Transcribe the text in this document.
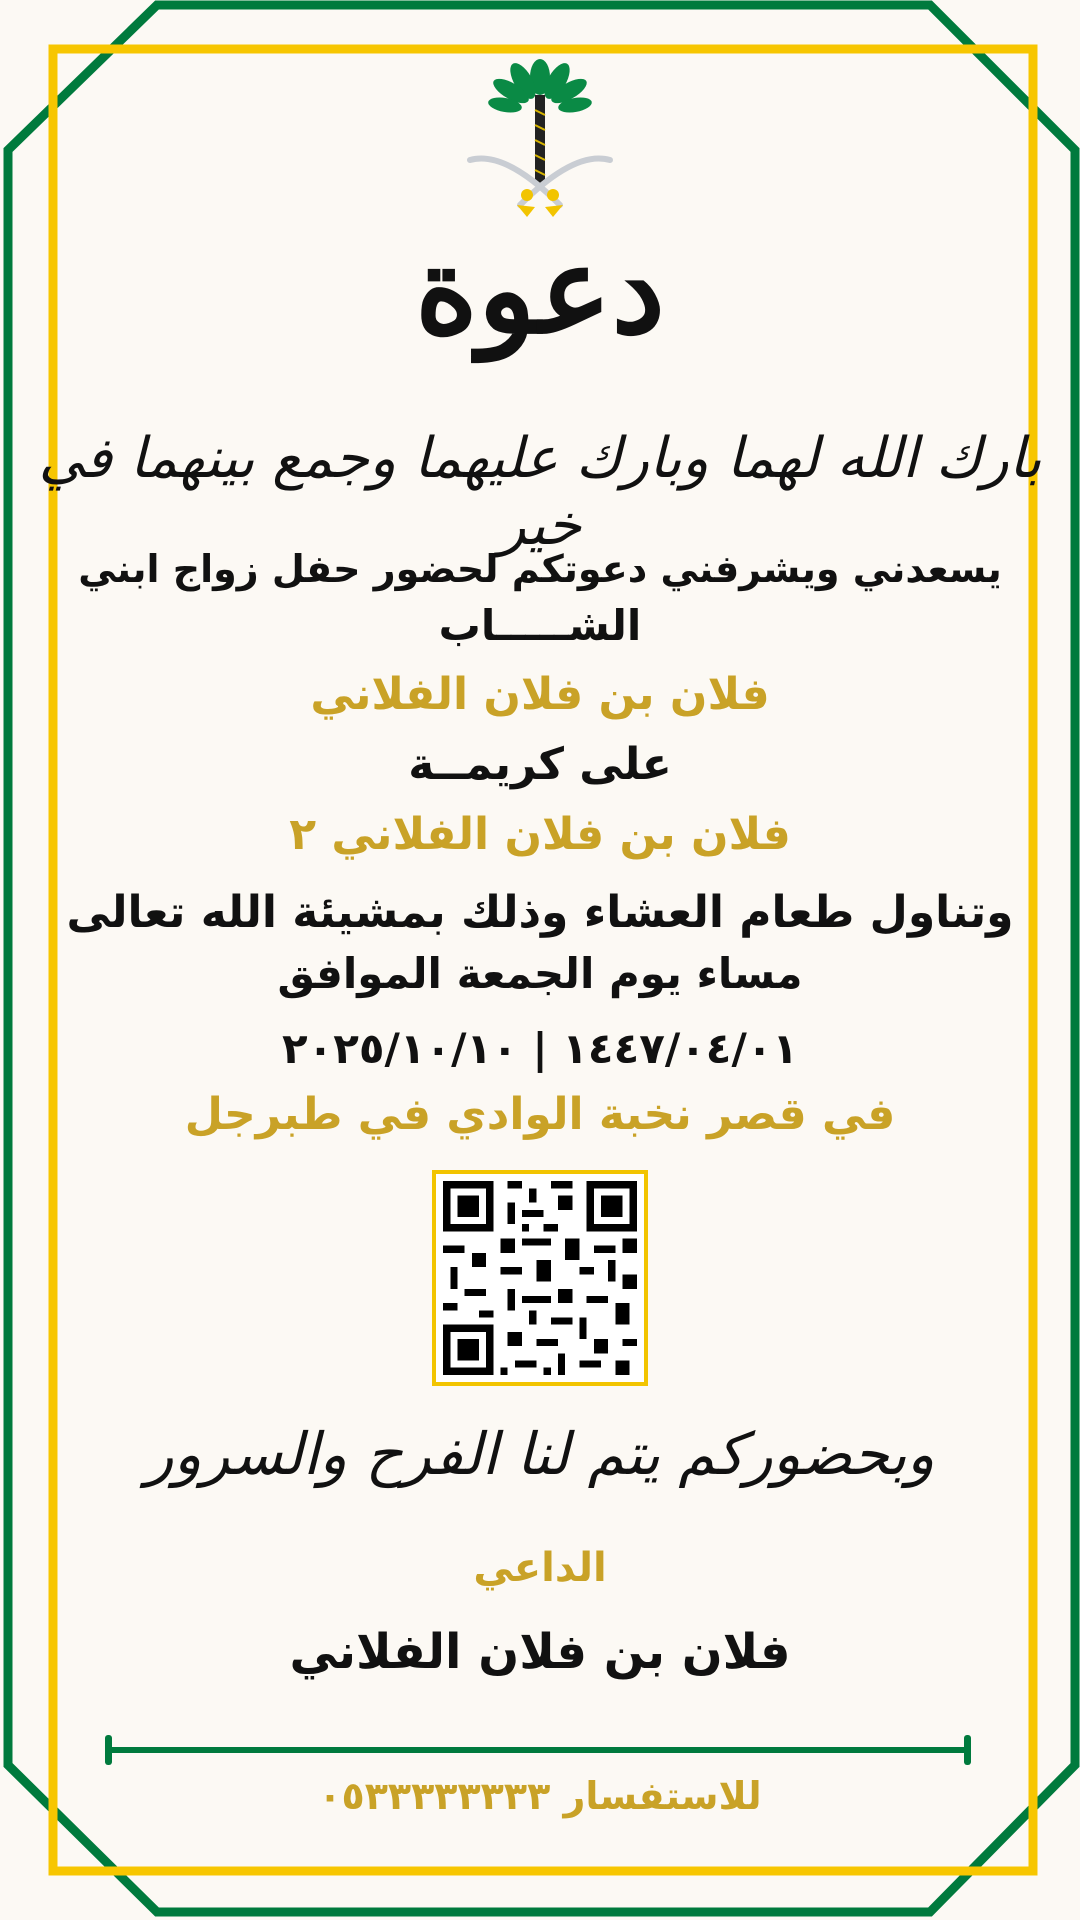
دعوة
بارك الله لهما وبارك عليهما وجمع بينهما في خير
يسعدني ويشرفني دعوتكم لحضور حفل زواج ابني
الشـــــاب
فلان بن فلان الفلاني
على كريمــة
فلان بن فلان الفلاني ٢
وتناول طعام العشاء وذلك بمشيئة الله تعالى
مساء يوم الجمعة الموافق
١٤٤٧/٠٤/٠١ | ٢٠٢٥/١٠/١٠
في قصر نخبة الوادي في طبرجل
وبحضوركم يتم لنا الفرح والسرور
الداعي
فلان بن فلان الفلاني
للاستفسار ٠٥٣٣٣٣٣٣٣٣
